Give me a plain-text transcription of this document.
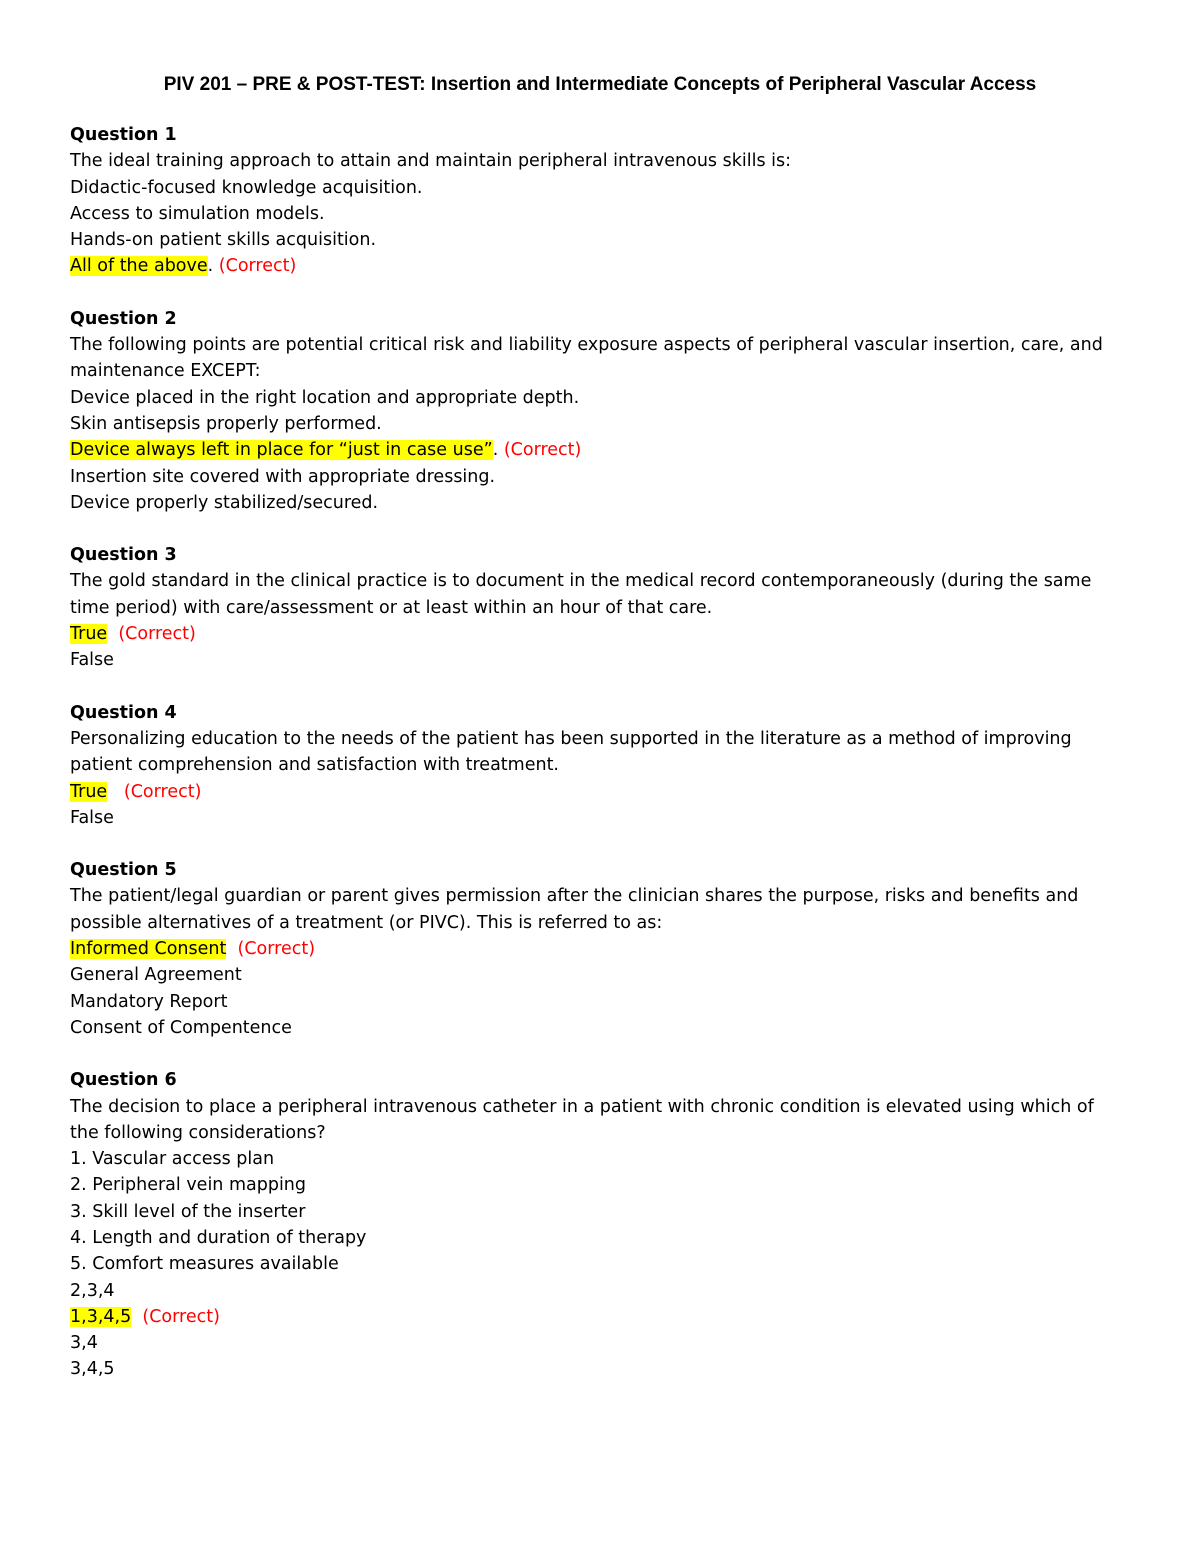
PIV 201 – PRE & POST-TEST: Insertion and Intermediate Concepts of Peripheral Vascular Access
Question 1
The ideal training approach to attain and maintain peripheral intravenous skills is:
Didactic-focused knowledge acquisition.
Access to simulation models.
Hands-on patient skills acquisition.
All of the above. (Correct)
Question 2
The following points are potential critical risk and liability exposure aspects of peripheral vascular insertion, care, and maintenance EXCEPT:
Device placed in the right location and appropriate depth.
Skin antisepsis properly performed.
Device always left in place for “just in case use”. (Correct)
Insertion site covered with appropriate dressing.
Device properly stabilized/secured.
Question 3
The gold standard in the clinical practice is to document in the medical record contemporaneously (during the same time period) with care/assessment or at least within an hour of that care.
True (Correct)
False
Question 4
Personalizing education to the needs of the patient has been supported in the literature as a method of improving patient comprehension and satisfaction with treatment.
True (Correct)
False
Question 5
The patient/legal guardian or parent gives permission after the clinician shares the purpose, risks and benefits and possible alternatives of a treatment (or PIVC). This is referred to as:
Informed Consent (Correct)
General Agreement
Mandatory Report
Consent of Compentence
Question 6
The decision to place a peripheral intravenous catheter in a patient with chronic condition is elevated using which of the following considerations?
1. Vascular access plan
2. Peripheral vein mapping
3. Skill level of the inserter
4. Length and duration of therapy
5. Comfort measures available
2,3,4
1,3,4,5 (Correct)
3,4
3,4,5
